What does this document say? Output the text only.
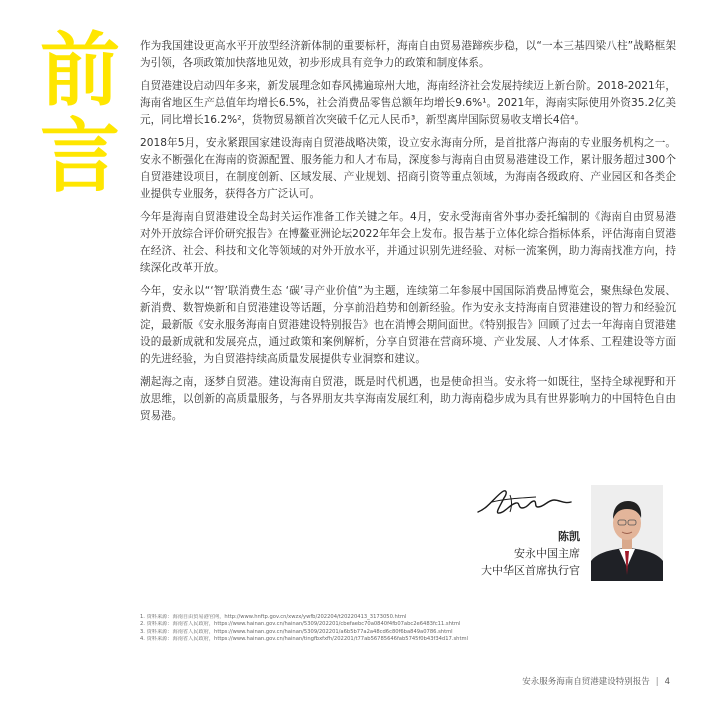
前
言

作为我国建设更高水平开放型经济新体制的重要标杆，海南自由贸易港蹄疾步稳，以“一本三基四梁八柱”战略框架为引领，各项政策加快落地见效，初步形成具有竞争力的政策和制度体系。

自贸港建设启动四年多来，新发展理念如春风拂遍琼州大地，海南经济社会发展持续迈上新台阶。2018-2021年，海南省地区生产总值年均增长6.5%，社会消费品零售总额年均增长9.6%¹。2021年，海南实际使用外资35.2亿美元，同比增长16.2%²，货物贸易额首次突破千亿元人民币³，新型离岸国际贸易收支增长4倍⁴。

2018年5月，安永紧跟国家建设海南自贸港战略决策，设立安永海南分所，是首批落户海南的专业服务机构之一。安永不断强化在海南的资源配置、服务能力和人才布局，深度参与海南自由贸易港建设工作，累计服务超过300个自贸港建设项目，在制度创新、区域发展、产业规划、招商引资等重点领域，为海南各级政府、产业园区和各类企业提供专业服务，获得各方广泛认可。

今年是海南自贸港建设全岛封关运作准备工作关键之年。4月，安永受海南省外事办委托编制的《海南自由贸易港对外开放综合评价研究报告》在博鳌亚洲论坛2022年年会上发布。报告基于立体化综合指标体系，评估海南自贸港在经济、社会、科技和文化等领域的对外开放水平，并通过识别先进经验、对标一流案例，助力海南找准方向，持续深化改革开放。

今年，安永以“‘智’联消费生态 ‘碳’寻产业价值”为主题，连续第二年参展中国国际消费品博览会，聚焦绿色发展、新消费、数智焕新和自贸港建设等话题，分享前沿趋势和创新经验。作为安永支持海南自贸港建设的智力和经验沉淀，最新版《安永服务海南自贸港建设特别报告》也在消博会期间面世。《特别报告》回顾了过去一年海南自贸港建设的最新成就和发展亮点，通过政策和案例解析，分享自贸港在营商环境、产业发展、人才体系、工程建设等方面的先进经验，为自贸港持续高质量发展提供专业洞察和建议。

潮起海之南，逐梦自贸港。建设海南自贸港，既是时代机遇，也是使命担当。安永将一如既往，坚持全球视野和开放思维，以创新的高质量服务，与各界朋友共享海南发展红利，助力海南稳步成为具有世界影响力的中国特色自由贸易港。

陈凯
安永中国主席
大中华区首席执行官
1. 资料来源：海南自由贸易港官网，http://www.hnftp.gov.cn/xwzx/ywfb/202204/t20220413_3173050.html
2. 资料来源：海南省人民政府，https://www.hainan.gov.cn/hainan/5309/202201/cbefaebc70a0840f4fb07abc2e6483fc11.shtml
3. 资料来源：海南省人民政府，https://www.hainan.gov.cn/hainan/5309/202201/a6b5b77a2a48cd6c80f6ba849a0786.shtml
4. 资料来源：海南省人民政府，https://www.hainan.gov.cn/hainan/tingfbxfxfh/202201/t77ab56785646fab5745f0b43f34d17.shtml
安永服务海南自贸港建设特别报告 | 4
